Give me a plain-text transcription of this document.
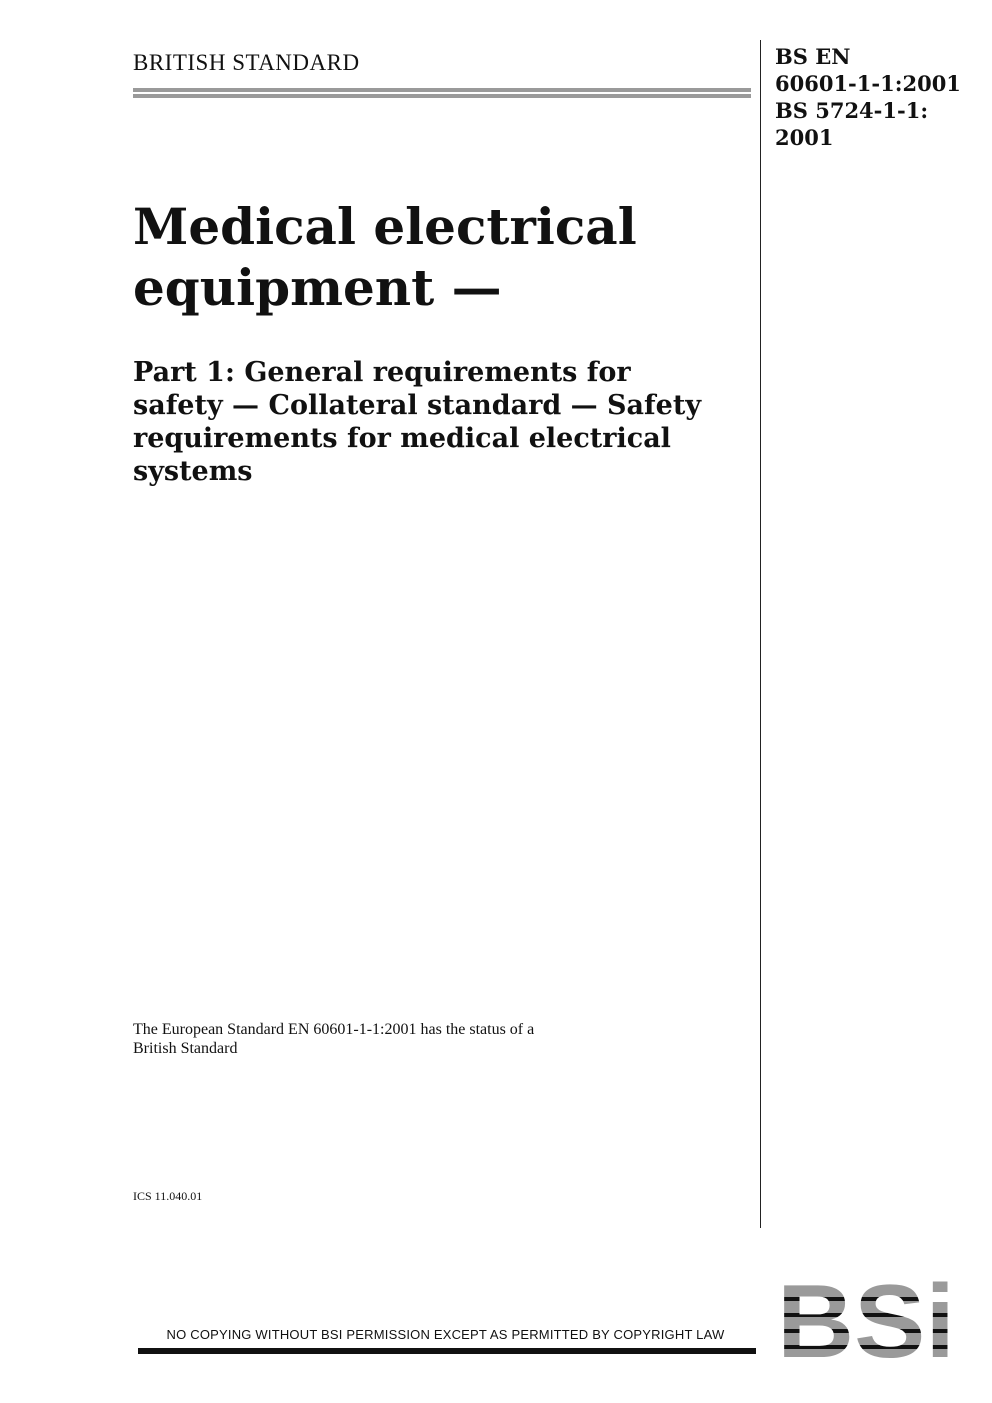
BRITISH STANDARD	BS EN
60601-1-1:2001
BS 5724-1-1:
2001
Medical electrical
equipment —
Part 1: General requirements for
safety — Collateral standard — Safety
requirements for medical electrical
systems
The European Standard EN 60601-1-1:2001 has the status of a
British Standard
ICS 11.040.01
NO COPYING WITHOUT BSI PERMISSION EXCEPT AS PERMITTED BY COPYRIGHT LAW
